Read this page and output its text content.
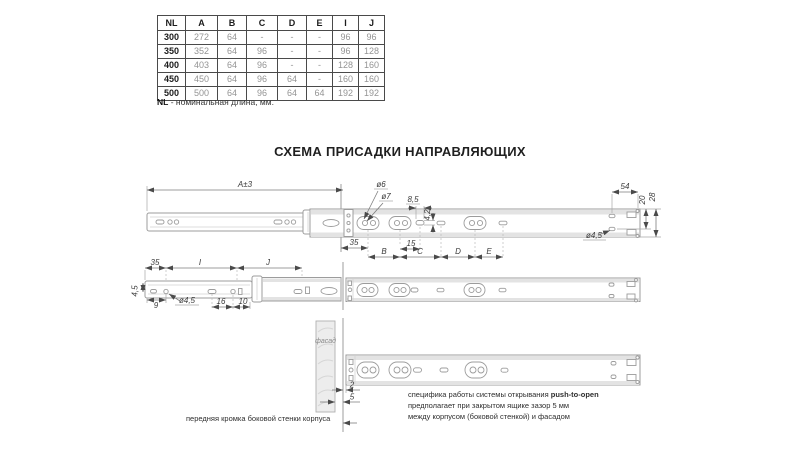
NL	A	B	C	D	E	I	J
300	272	64	-	-	-	96	96
350	352	64	96	-	-	96	128
400	403	64	96	-	-	128	160
450	450	64	96	64	-	160	160
500	500	64	96	64	64	192	192
NL - номинальная длина, мм.
СХЕМА ПРИСАДКИ НАПРАВЛЯЮЩИХ
A±3
35
ø6
ø7 8,5
4,2
15
B	C	D	E
54
20 28
ø4,5
35	I	J
4,5
9
ø4,5	16 10
фасад
2
5
передняя кромка боковой стенки корпуса
специфика работы системы открывания push-to-open
предполагает при закрытом ящике зазор 5 мм
между корпусом (боковой стенкой) и фасадом
